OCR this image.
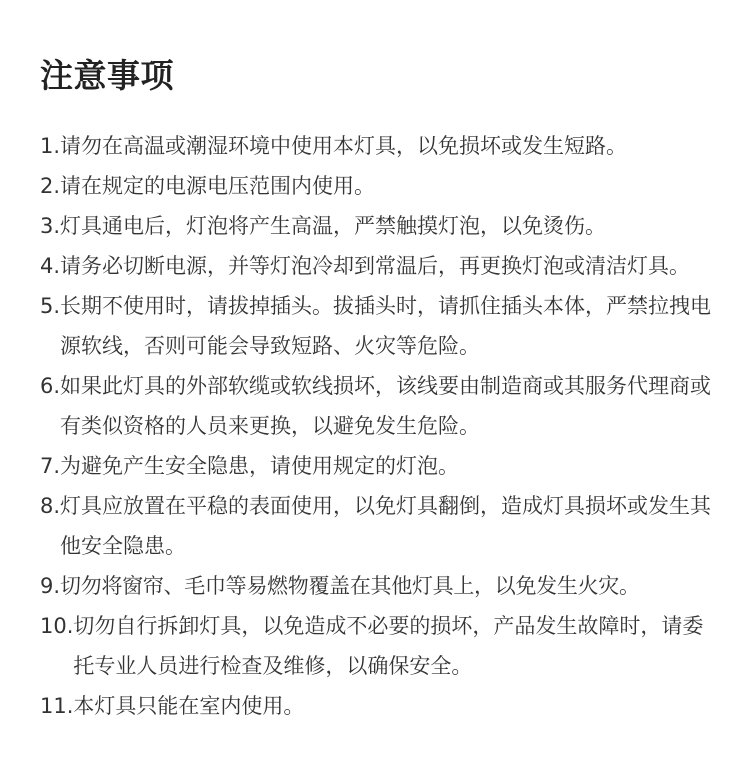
注意事项
1. 请勿在高温或潮湿环境中使用本灯具，以免损坏或发生短路。
2. 请在规定的电源电压范围内使用。
3. 灯具通电后，灯泡将产生高温，严禁触摸灯泡，以免烫伤。
4. 请务必切断电源，并等灯泡冷却到常温后，再更换灯泡或清洁灯具。
5. 长期不使用时，请拔掉插头。拔插头时，请抓住插头本体，严禁拉拽电源软线，否则可能会导致短路、火灾等危险。
6. 如果此灯具的外部软缆或软线损坏，该线要由制造商或其服务代理商或有类似资格的人员来更换，以避免发生危险。
7. 为避免产生安全隐患，请使用规定的灯泡。
8. 灯具应放置在平稳的表面使用，以免灯具翻倒，造成灯具损坏或发生其他安全隐患。
9. 切勿将窗帘、毛巾等易燃物覆盖在其他灯具上，以免发生火灾。
10. 切勿自行拆卸灯具，以免造成不必要的损坏，产品发生故障时，请委托专业人员进行检查及维修，以确保安全。
11. 本灯具只能在室内使用。
